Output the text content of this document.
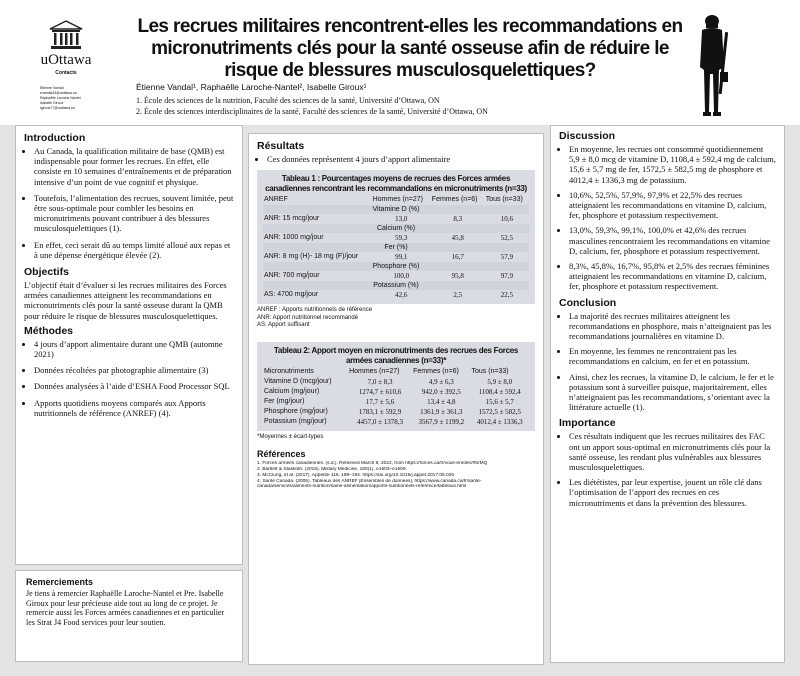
uOttawa
Contacts
Étienne Vandal
evandal43@uottawa.ca
Raphaëlle Laroche-Nantel
Isabelle Giroux
igiroux77@uottawa.ca
Les recrues militaires rencontrent-elles les recommandations en micronutriments clés pour la santé osseuse afin de réduire le risque de blessures musculosquelettiques?
Étienne Vandal¹, Raphaëlle Laroche-Nantel², Isabelle Giroux¹
1. École des sciences de la nutrition, Faculté des sciences de la santé, Université d’Ottawa, ON
2. École des sciences interdisciplinaires de la santé, Faculté des sciences de la santé, Université d’Ottawa, ON
Introduction
• Au Canada, la qualification militaire de base (QMB) est indispensable pour former les recrues. En effet, elle consiste en 10 semaines d’entraînements et de préparation intensive d’un point de vue cognitif et physique.
• Toutefois, l’alimentation des recrues, souvent limitée, peut être sous-optimale pour combler les besoins en micronutriments pouvant contribuer à des blessures musculosquelettiques (1).
• En effet, ceci serait dû au temps limité alloué aux repas et à une dépense énergétique élevée (2).
Objectifs

L’objectif était d’évaluer si les recrues militaires des Forces armées canadiennes atteignent les recommandations en micronutriments clés pour la santé osseuse durant la QMB pour réduire le risque de blessures musculosquelettiques.

Méthodes
• 4 jours d’apport alimentaire durant une QMB (automne 2021)
• Données récoltées par photographie alimentaire (3)
• Données analysées à l’aide d’ESHA Food Processor SQL
• Apports quotidiens moyens comparés aux Apports nutritionnels de référence (ANREF) (4).
Remerciements

Je tiens à remercier Raphaëlle Laroche-Nantel et Pre. Isabelle Giroux pour leur précieuse aide tout au long de ce projet. Je remercie aussi les Forces armées canadiennes et en particulier les Strat J4 Food services pour leur soutien.

Résultats
• Ces données représentent 4 jours d’apport alimentaire
Tableau 1 : Pourcentages moyens de recrues des Forces armées canadiennes rencontrant les recommandations en micronutriments (n=33)
ANREF	Hommes (n=27)	Femmes (n=6)	Tous (n=33)
Vitamine D (%)			
ANR: 15 mcg/jour	13,0	8,3	10,6
Calcium (%)			
ANR: 1000 mg/jour	59,3	45,8	52,5
Fer (%)			
ANR: 8 mg (H)- 18 mg (F)/jour	99,1	16,7	57,9
Phosphore (%)			
ANR: 700 mg/jour	100,0	95,8	97,9
Potassium (%)			
AS: 4700 mg/jour	42,6	2,5	22,5
ANREF : Apports nutritionnels de référence
ANR: Apport nutritionnel recommandé
AS: Apport suffisant
Tableau 2: Apport moyen en micronutriments des recrues des Forces armées canadiennes (n=33)*
Micronutriments	Hommes (n=27)	Femmes (n=6)	Tous (n=33)
Vitamine D (mcg/jour)	7,0 ± 8,3	4,9 ± 6,3	5,9 ± 8,0
Calcium (mg/jour)	1274,7 ± 610,6	942,0 ± 392,5	1108,4 ± 592,4
Fer (mg/jour)	17,7 ± 5,6	13,4 ± 4,8	15,6 ± 5,7
Phosphore (mg/jour)	1783,1 ± 592,9	1361,9 ± 361,3	1572,5 ± 582,5
Potassium (mg/jour)	4457,0 ± 1378,3	3567,9 ± 1199,2	4012,4 ± 1336,3
*Moyennes ± écart-types
Références
1. Forces armées canadiennes. (s.d.). Retrieved March 8, 2022, from https://forces.ca/fr/vous-enroler/#brMQ
2. Bartlett & Staskoth. (2015). Military Medicine, 180(1), e1603–e1609.
3. McClung, et al. (2017). Appetite 116, 189–194. https://doi.org/10.1016/j.appet.2017.05.025
4. Santé Canada. (2005). Tableaux des ANREF [Ensembles de données]. https://www.canada.ca/fr/sante-
canada/services/aliments-nutrition/saine-alimentation/apports-nutritionnels-reference/tableaux.html
Discussion
• En moyenne, les recrues ont consommé quotidiennement 5,9 ± 8,0 mcg de vitamine D, 1108,4 ± 592,4 mg de calcium, 15,6 ± 5,7 mg de fer, 1572,5 ± 582,5 mg de phosphore et 4012,4 ± 1336,3 mg de potassium.
• 10,6%, 52,5%, 57,9%, 97,9% et 22,5% des recrues atteignaient les recommandations en vitamine D, calcium, fer, phosphore et potassium respectivement.
• 13,0%, 59,3%, 99,1%, 100,0% et 42,6% des recrues masculines rencontraient les recommandations en vitamine D, calcium, fer, phosphore et potassium respectivement.
• 8,3%, 45,8%, 16,7%, 95,8% et 2,5% des recrues féminines atteignaient les recommandations en vitamine D, calcium, fer, phosphore et potassium respectivement.
Conclusion
• La majorité des recrues militaires atteignent les recommandations en phosphore, mais n’atteignaient pas les recommandations journalières en vitamine D.
• En moyenne, les femmes ne rencontraient pas les recommandations en calcium, en fer et en potassium.
• Ainsi, chez les recrues, la vitamine D, le calcium, le fer et le potassium sont à surveiller puisque, majoritairement, elles n’atteignaient pas les recommandations, s’orientant avec la littérature actuelle (1).
Importance
• Ces résultats indiquent que les recrues militaires des FAC ont un apport sous-optimal en micronutriments clés pour la santé osseuse, les rendant plus vulnérables aux blessures musculosquelettiques.
• Les diététistes, par leur expertise, jouent un rôle clé dans l’optimisation de l’apport des recrues en ces micronutriments et dans la prévention des blessures.
